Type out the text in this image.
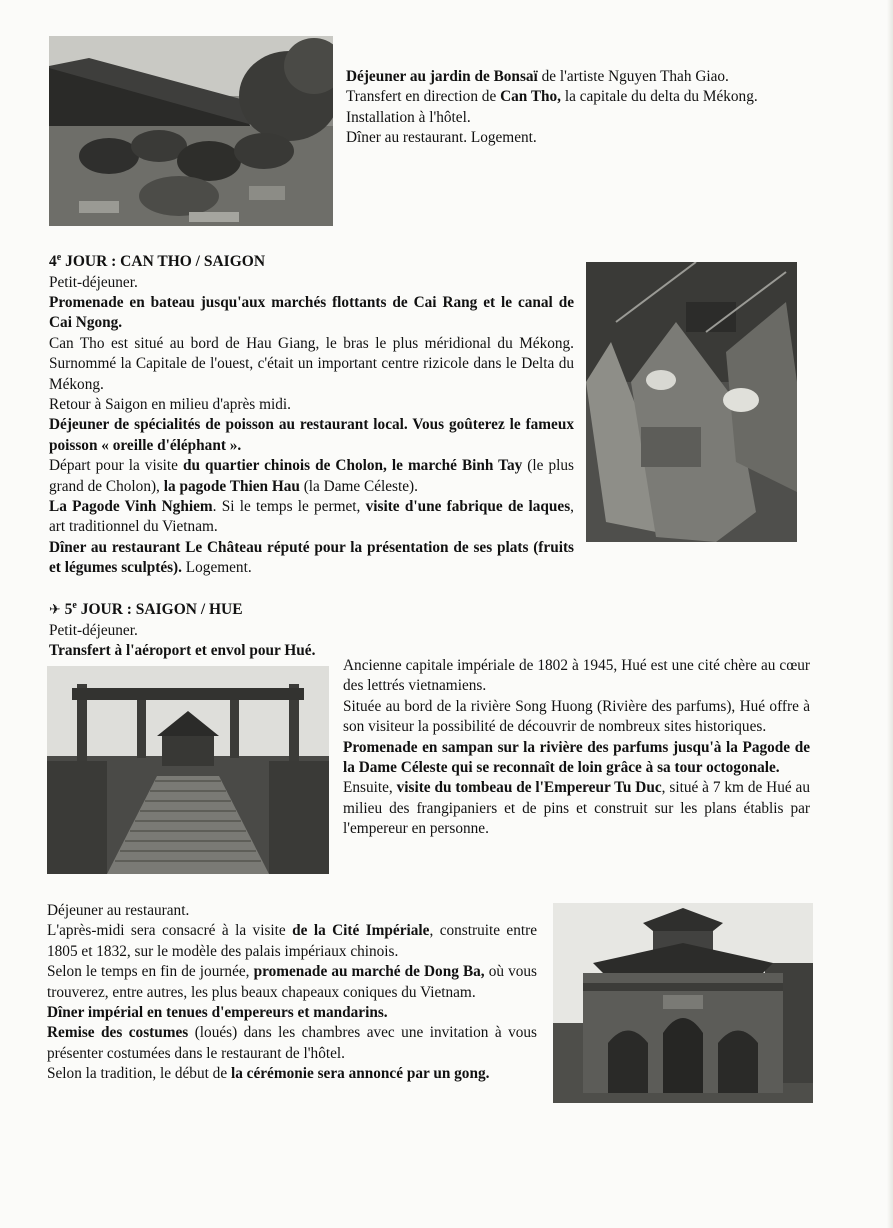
Déjeuner au jardin de Bonsaï de l'artiste Nguyen Thah Giao.

Transfert en direction de Can Tho, la capitale du delta du Mékong.

Installation à l'hôtel.

Dîner au restaurant. Logement.

4e JOUR : CAN THO / SAIGON

Petit-déjeuner.

Promenade en bateau jusqu'aux marchés flottants de Cai Rang et le canal de Cai Ngong.

Can Tho est situé au bord de Hau Giang, le bras le plus méridional du Mékong. Surnommé la Capitale de l'ouest, c'était un important centre rizicole dans le Delta du Mékong.

Retour à Saigon en milieu d'après midi.

Déjeuner de spécialités de poisson au restaurant local. Vous goûterez le fameux poisson « oreille d'éléphant ».

Départ pour la visite du quartier chinois de Cholon, le marché Binh Tay (le plus grand de Cholon), la pagode Thien Hau (la Dame Céleste).

La Pagode Vinh Nghiem. Si le temps le permet, visite d'une fabrique de laques, art traditionnel du Vietnam.

Dîner au restaurant Le Château réputé pour la présentation de ses plats (fruits et légumes sculptés). Logement.

✈ 5e JOUR : SAIGON / HUE

Petit-déjeuner.

Transfert à l'aéroport et envol pour Hué.

Ancienne capitale impériale de 1802 à 1945, Hué est une cité chère au cœur des lettrés vietnamiens.

Située au bord de la rivière Song Huong (Rivière des parfums), Hué offre à son visiteur la possibilité de découvrir de nombreux sites historiques.

Promenade en sampan sur la rivière des parfums jusqu'à la Pagode de la Dame Céleste qui se reconnaît de loin grâce à sa tour octogonale.

Ensuite, visite du tombeau de l'Empereur Tu Duc, situé à 7 km de Hué au milieu des frangipaniers et de pins et construit sur les plans établis par l'empereur en personne.

Déjeuner au restaurant.

L'après-midi sera consacré à la visite de la Cité Impériale, construite entre 1805 et 1832, sur le modèle des palais impériaux chinois.

Selon le temps en fin de journée, promenade au marché de Dong Ba, où vous trouverez, entre autres, les plus beaux chapeaux coniques du Vietnam.

Dîner impérial en tenues d'empereurs et mandarins.

Remise des costumes (loués) dans les chambres avec une invitation à vous présenter costumées dans le restaurant de l'hôtel.

Selon la tradition, le début de la cérémonie sera annoncé par un gong.
